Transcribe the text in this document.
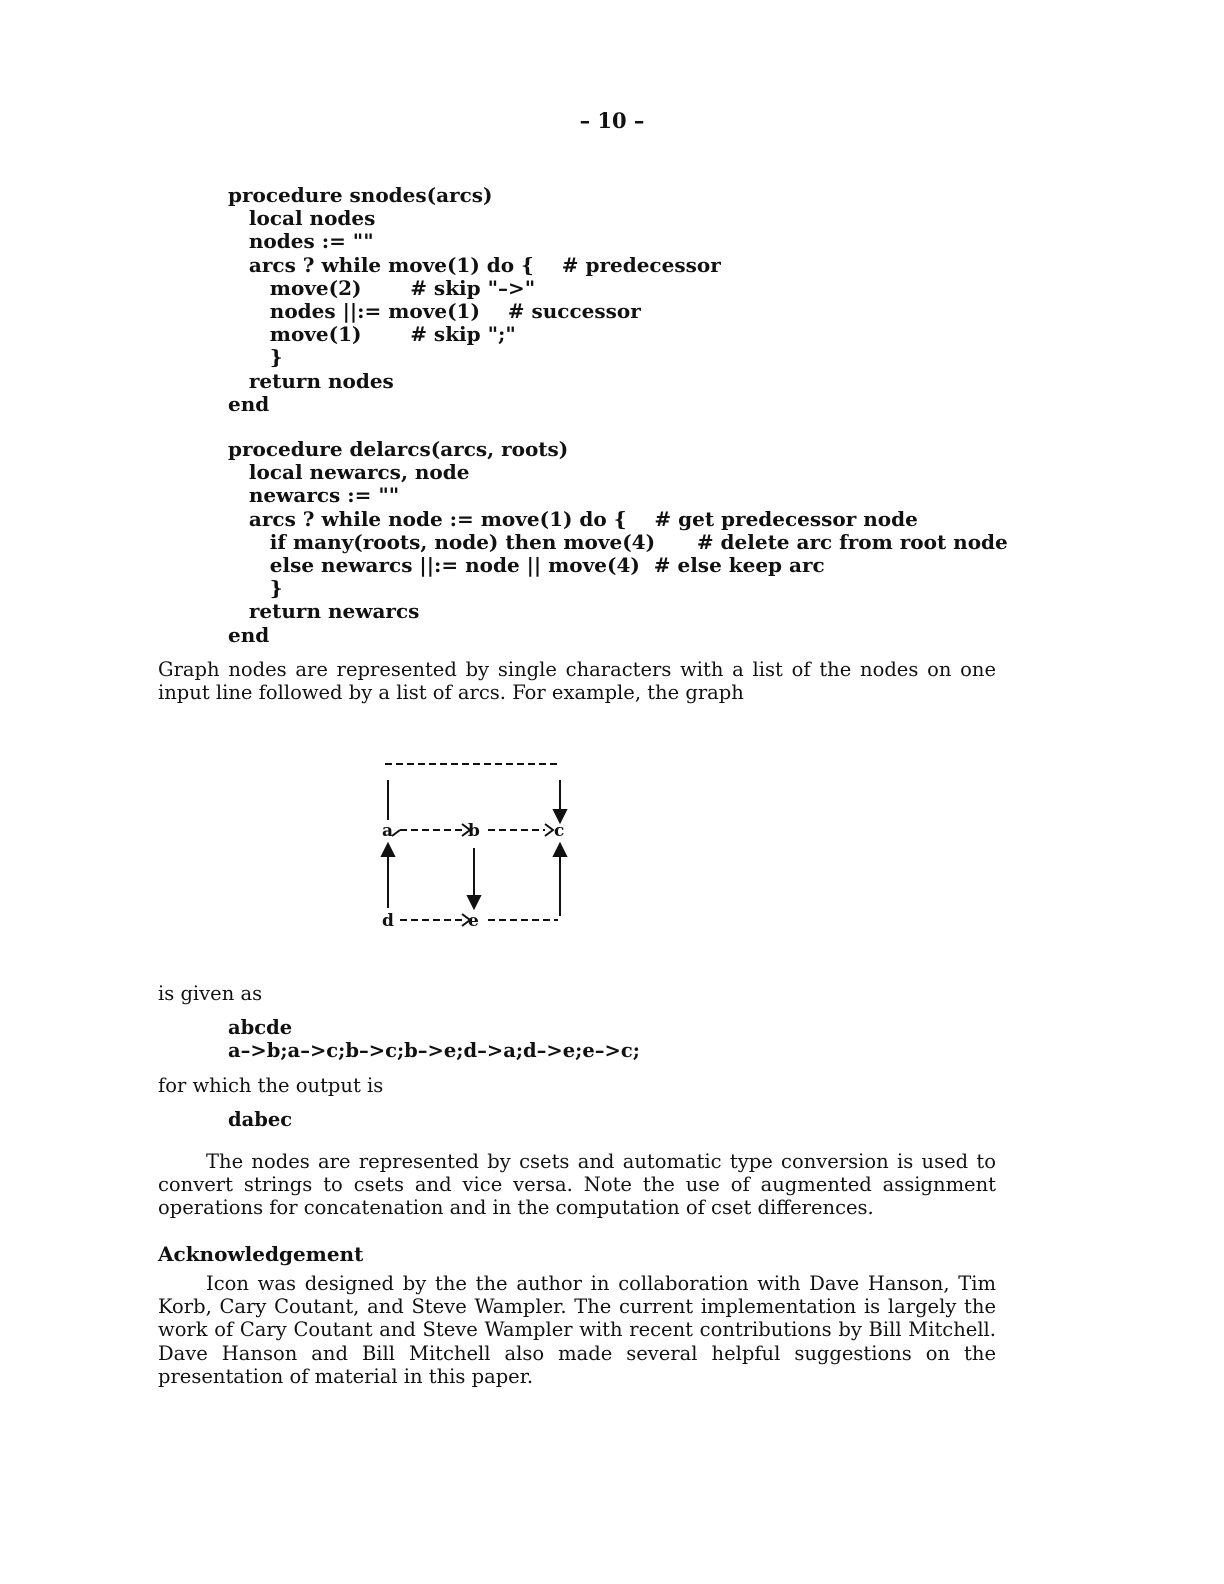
– 10 –
procedure snodes(arcs)
local nodes
nodes := ""
arcs ? while move(1) do {    # predecessor
move(2)       # skip "–>"
nodes ||:= move(1)    # successor
move(1)       # skip ";"
}
return nodes
end
procedure delarcs(arcs, roots)
local newarcs, node
newarcs := ""
arcs ? while node := move(1) do {    # get predecessor node
if many(roots, node) then move(4)      # delete arc from root node
else newarcs ||:= node || move(4)  # else keep arc
}
return newarcs
end

Graph nodes are represented by single characters with a list of the nodes on one input line followed by a list of arcs. For example, the graph

a	b	c
d	e
is given as
abcde
a–>b;a–>c;b–>c;b–>e;d–>a;d–>e;e–>c;
for which the output is
dabec

The nodes are represented by csets and automatic type conversion is used to convert strings to csets and vice versa. Note the use of augmented assignment operations for concatenation and in the computation of cset differences.

Acknowledgement

Icon was designed by the the author in collaboration with Dave Hanson, Tim Korb, Cary Coutant, and Steve Wampler. The current implementation is largely the work of Cary Coutant and Steve Wampler with recent contributions by Bill Mitchell. Dave Hanson and Bill Mitchell also made several helpful suggestions on the presentation of material in this paper.
